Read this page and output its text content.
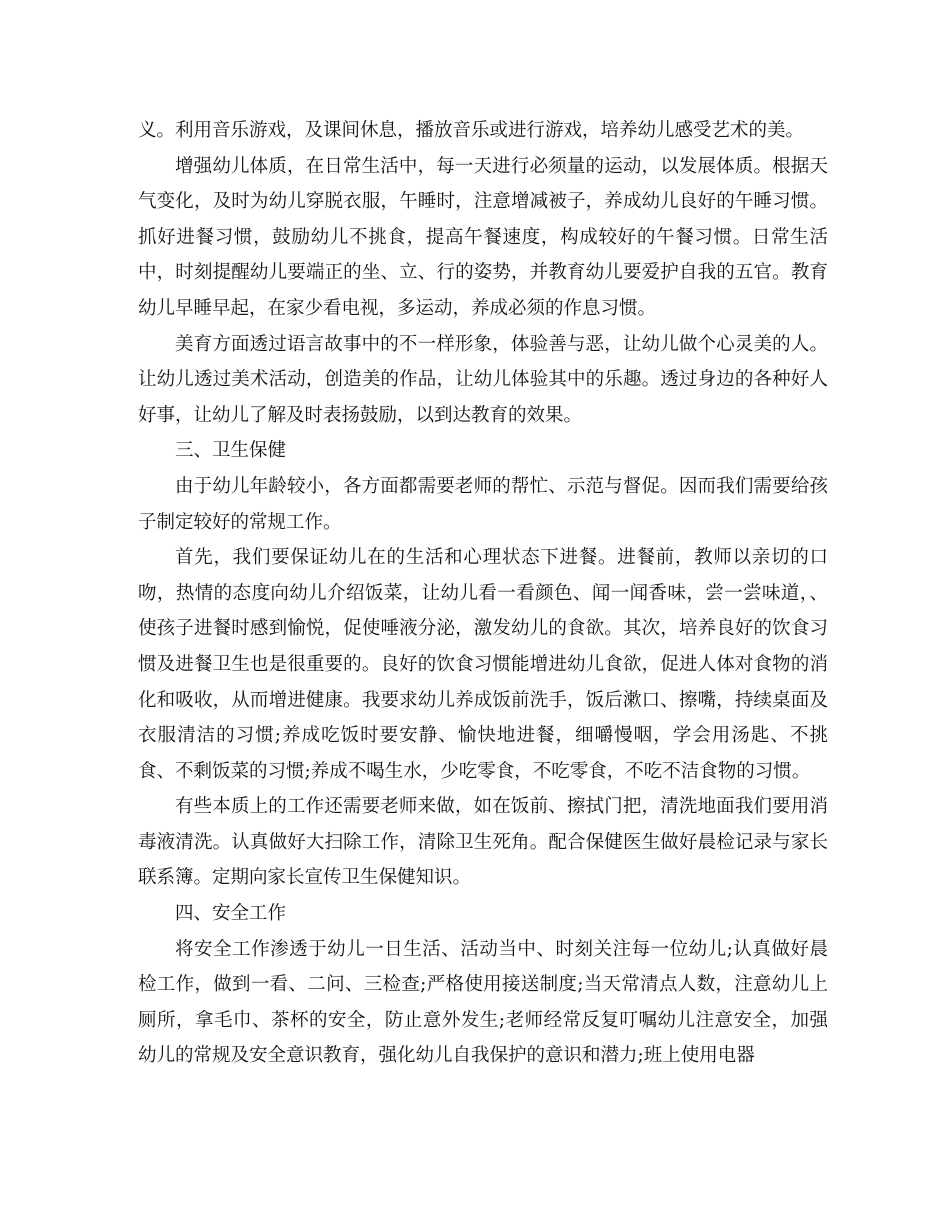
义。利用音乐游戏，及课间休息，播放音乐或进行游戏，培养幼儿感受艺术的美。

增强幼儿体质，在日常生活中，每一天进行必须量的运动，以发展体质。根据天气变化，及时为幼儿穿脱衣服，午睡时，注意增减被子，养成幼儿良好的午睡习惯。抓好进餐习惯，鼓励幼儿不挑食，提高午餐速度，构成较好的午餐习惯。日常生活中，时刻提醒幼儿要端正的坐、立、行的姿势，并教育幼儿要爱护自我的五官。教育幼儿早睡早起，在家少看电视，多运动，养成必须的作息习惯。

美育方面透过语言故事中的不一样形象，体验善与恶，让幼儿做个心灵美的人。让幼儿透过美术活动，创造美的作品，让幼儿体验其中的乐趣。透过身边的各种好人好事，让幼儿了解及时表扬鼓励，以到达教育的效果。

三、卫生保健

由于幼儿年龄较小，各方面都需要老师的帮忙、示范与督促。因而我们需要给孩子制定较好的常规工作。

首先，我们要保证幼儿在的生活和心理状态下进餐。进餐前，教师以亲切的口吻，热情的态度向幼儿介绍饭菜，让幼儿看一看颜色、闻一闻香味，尝一尝味道，、使孩子进餐时感到愉悦，促使唾液分泌，激发幼儿的食欲。其次，培养良好的饮食习惯及进餐卫生也是很重要的。良好的饮食习惯能增进幼儿食欲，促进人体对食物的消化和吸收，从而增进健康。我要求幼儿养成饭前洗手，饭后漱口、擦嘴，持续桌面及衣服清洁的习惯;养成吃饭时要安静、愉快地进餐，细嚼慢咽，学会用汤匙、不挑食、不剩饭菜的习惯;养成不喝生水，少吃零食，不吃零食，不吃不洁食物的习惯。

有些本质上的工作还需要老师来做，如在饭前、擦拭门把，清洗地面我们要用消毒液清洗。认真做好大扫除工作，清除卫生死角。配合保健医生做好晨检记录与家长联系簿。定期向家长宣传卫生保健知识。

四、安全工作

将安全工作渗透于幼儿一日生活、活动当中、时刻关注每一位幼儿;认真做好晨检工作，做到一看、二问、三检查;严格使用接送制度;当天常清点人数，注意幼儿上厕所，拿毛巾、茶杯的安全，防止意外发生;老师经常反复叮嘱幼儿注意安全，加强幼儿的常规及安全意识教育，强化幼儿自我保护的意识和潜力;班上使用电器
